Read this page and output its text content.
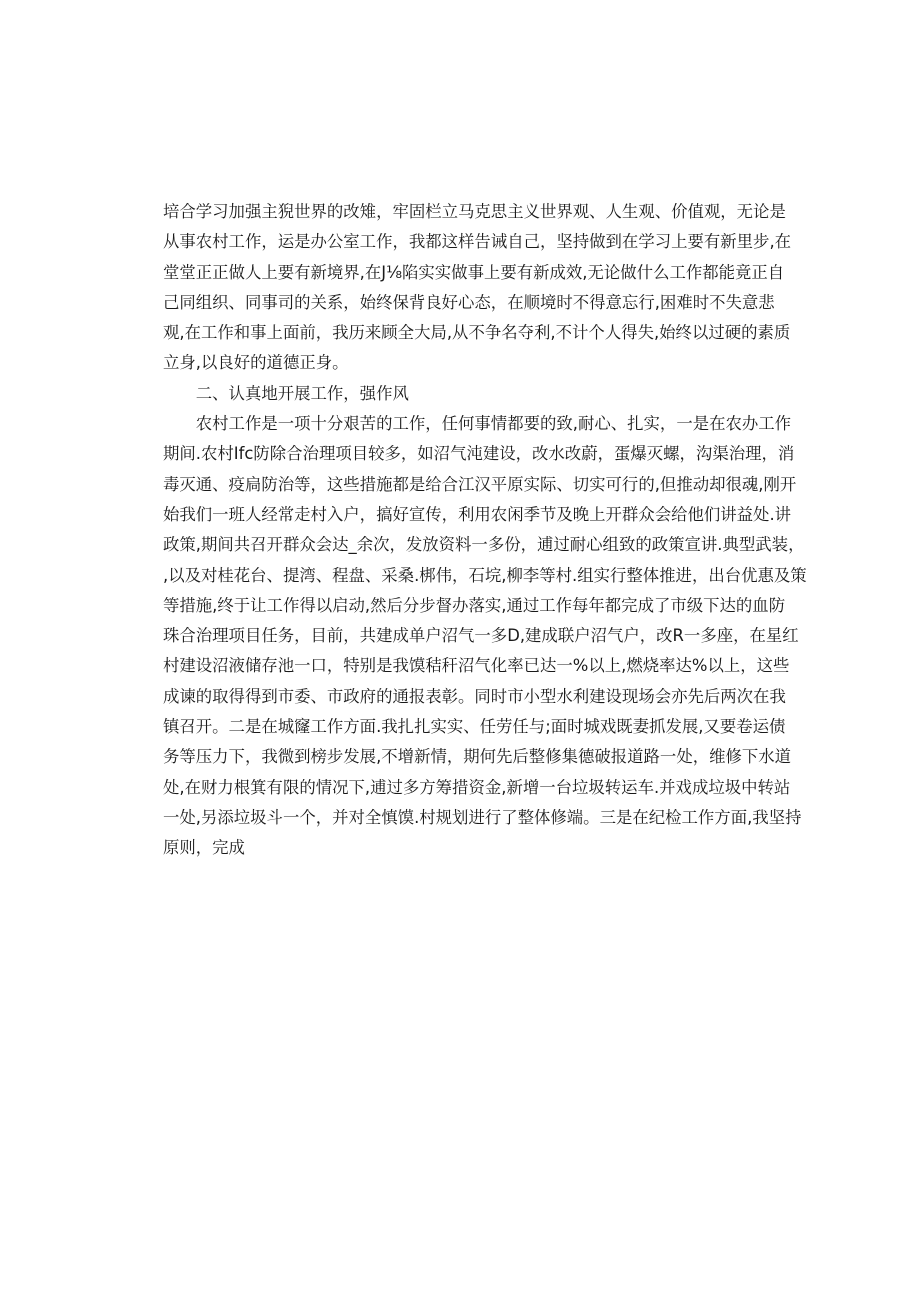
培合学习加强主猊世界的改雉，牢固栏立马克思主义世界观、人生观、价值观，无论是
从事农村工作，运是办公室工作，我都这样告诫自己，坚持做到在学习上要有新里步,在
堂堂正正做人上要有新境界,在J⅛陷实实做事上要有新成效,无论做什么工作都能竟正自
己同组织、同事司的关系，始终保背良好心态，在顺境时不得意忘行,困难时不失意悲
观,在工作和事上面前，我历来顾全大局,从不争名夺利,不计个人得失,始终以过硬的素质
立身,以良好的道德正身。
　　二、认真地开展工作，强作风
　　农村工作是一项十分艰苦的工作，任何事情都要的致,耐心、扎实，一是在农办工作
期间.农村Ifc防除合治理项目较多，如沼气沌建设，改水改蔚，蛋爆灭螺，沟渠治理，消
毒灭通、疫扃防治等，这些措施都是给合江汉平原实际、切实可行的,但推动却很魂,刚开
始我们一班人经常走村入户，搞好宣传，利用农闲季节及晚上开群众会给他们讲益处.讲
政策,期间共召开群众会达_余次，发放资料一多份，逋过耐心组致的政策宣讲.典型武装，
,以及对桂花台、提湾、程盘、采桑.梆伟，石垸,柳李等村.组实行整体推进，出台优惠及策
等措施,终于让工作得以启动,然后分步督办落实,通过工作每年都完成了市级下达的血防
珠合治理项目任务，目前，共建成单户沼气一多D,建成联户沼气户，改R一多座，在星红
村建设沼液储存池一口，特别是我馍秸秆沼气化率已达一%以上,燃烧率达%以上，这些
成谏的取得得到市委、市政府的通报表彰。同时市小型水利建设现场会亦先后两次在我
镇召开。二是在城窿工作方面.我扎扎实实、任劳任与;面时城戏既妻抓发展,又要卷运债
务等压力下，我微到榜步发展,不增新情，期何先后整修集德破报道路一处，维修下水道
处,在财力根箕有限的情况下,逋过多方筹措资金,新增一台垃圾转运车.并戏成垃圾中转站
一处,另添垃圾斗一个，并对全慎馍.村规划进行了整体修端。三是在纪检工作方面,我坚持
原则，完成
